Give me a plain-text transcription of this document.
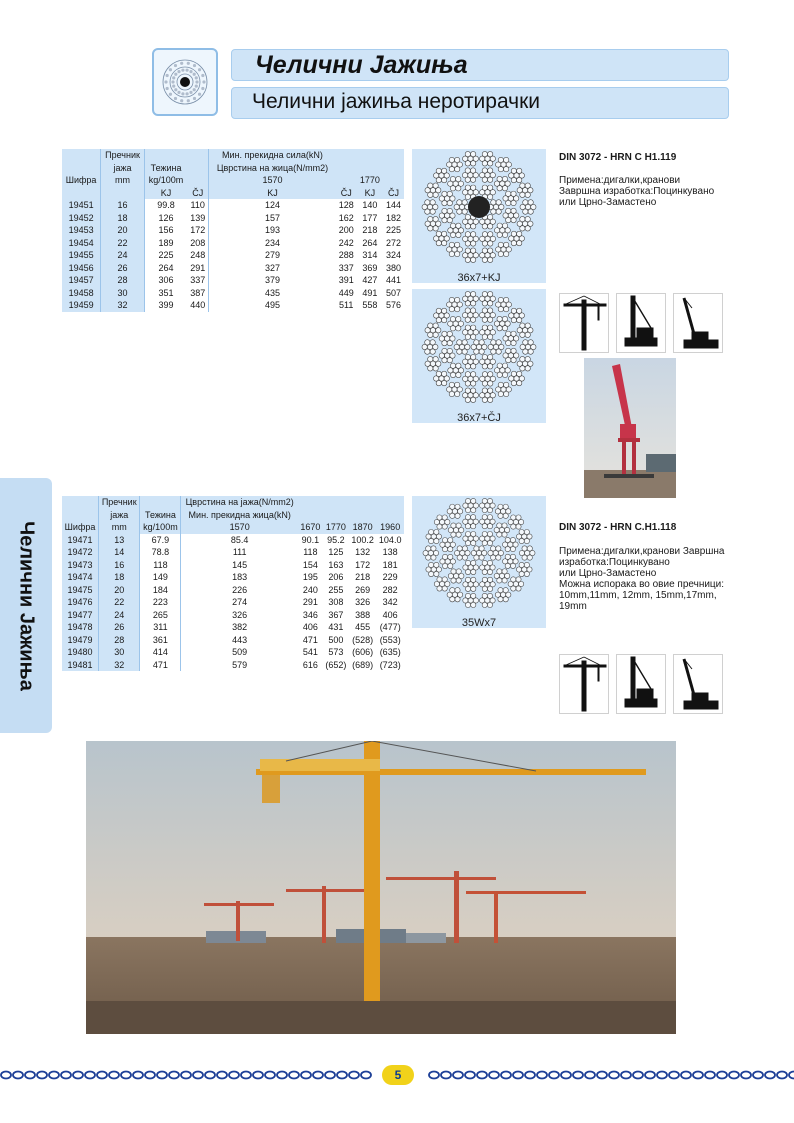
Челични Јажиња
Челични јажиња неротирачки
	Пречник			Мин. прекидна сила(kN)			
	јажа	Тежина		Цврстина на жица(N/mm2)			
Шифра	mm	kg/100m		1570		1770	
		KJ	ČJ	KJ	ČJ	KJ	ČJ
19451	16	99.8	110	124	128	140	144
19452	18	126	139	157	162	177	182
19453	20	156	172	193	200	218	225
19454	22	189	208	234	242	264	272
19455	24	225	248	279	288	314	324
19456	26	264	291	327	337	369	380
19457	28	306	337	379	391	427	441
19458	30	351	387	435	449	491	507
19459	32	399	440	495	511	558	576
36x7+KJ
36x7+ČJ
DIN 3072 - HRN C H1.119
Примена:дигалки,кранови
Завршна изработка:Поцинкувано
или Црно-Замастено
Челични Јажиња
	Пречник		Цврстина на јажа(N/mm2)				
	јажа	Тежина	Мин. прекидна жица(kN)				
Шифра	mm	kg/100m	1570	1670	1770	1870	1960
19471	13	67.9	85.4	90.1	95.2	100.2	104.0
19472	14	78.8	111	118	125	132	138
19473	16	118	145	154	163	172	181
19474	18	149	183	195	206	218	229
19475	20	184	226	240	255	269	282
19476	22	223	274	291	308	326	342
19477	24	265	326	346	367	388	406
19478	26	311	382	406	431	455	(477)
19479	28	361	443	471	500	(528)	(553)
19480	30	414	509	541	573	(606)	(635)
19481	32	471	579	616	(652)	(689)	(723)
35Wx7
DIN 3072 - HRN C.H1.118
Примена:дигалки,кранови Завршна
изработка:Поцинкувано
или Црно-Замастено
Можна испорака во овие пречници:
10mm,11mm, 12mm, 15mm,17mm,
19mm
5
